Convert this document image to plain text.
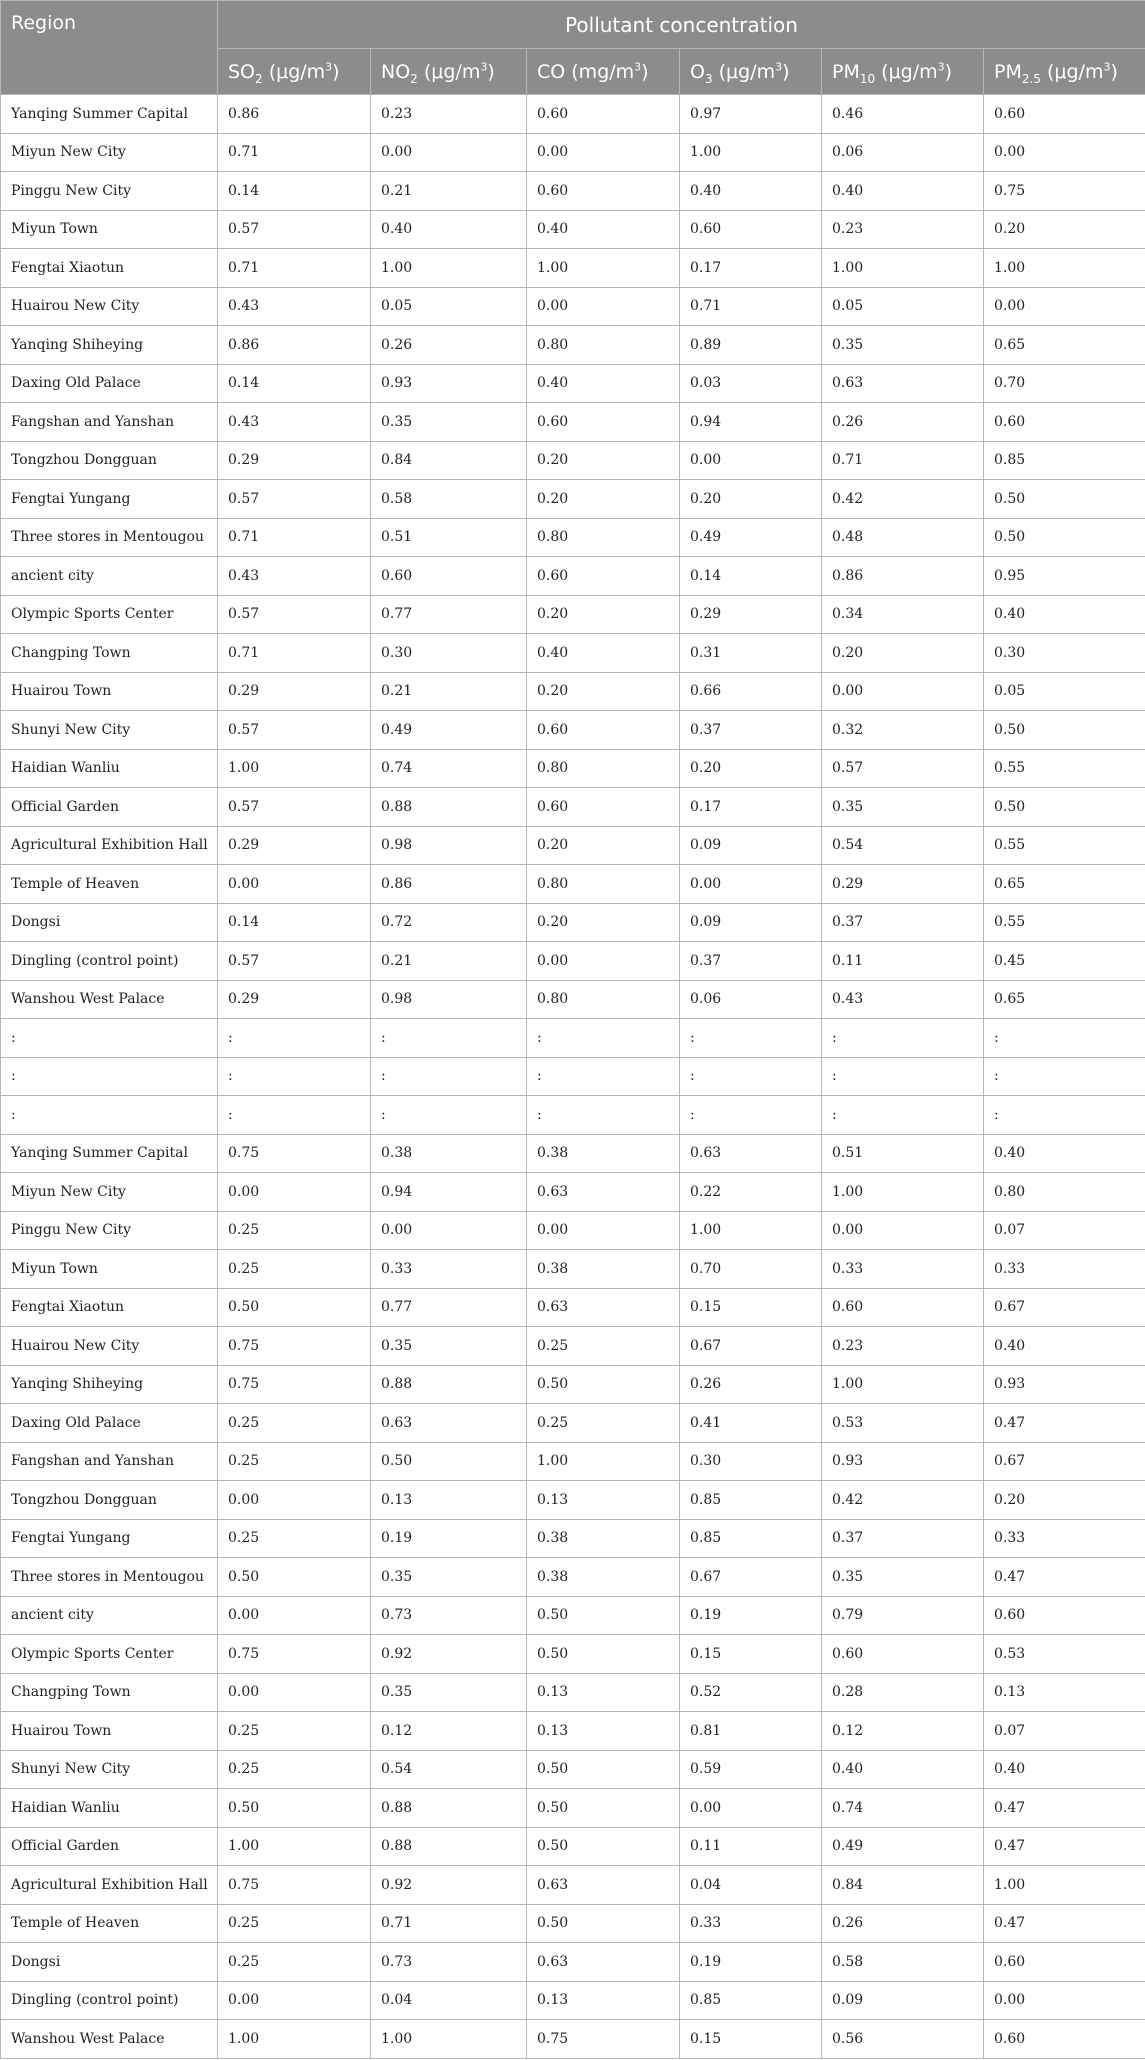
Region	Pollutant concentration					
	$SO_2$ $(\mu g/m^3)$	$NO_2$ $(\mu g/m^3)$	CO $(mg/m^3)$	$O_3$ $(\mu g/m^3)$	$PM_{10}$ $(\mu g/m^3)$	$PM_{2.5}$ $(\mu g/m^3)$
Yanqing Summer Capital	0.86	0.23	0.60	0.97	0.46	0.60
Miyun New City	0.71	0.00	0.00	1.00	0.06	0.00
Pinggu New City	0.14	0.21	0.60	0.40	0.40	0.75
Miyun Town	0.57	0.40	0.40	0.60	0.23	0.20
Fengtai Xiaotun	0.71	1.00	1.00	0.17	1.00	1.00
Huairou New City	0.43	0.05	0.00	0.71	0.05	0.00
Yanqing Shiheying	0.86	0.26	0.80	0.89	0.35	0.65
Daxing Old Palace	0.14	0.93	0.40	0.03	0.63	0.70
Fangshan and Yanshan	0.43	0.35	0.60	0.94	0.26	0.60
Tongzhou Dongguan	0.29	0.84	0.20	0.00	0.71	0.85
Fengtai Yungang	0.57	0.58	0.20	0.20	0.42	0.50
Three stores in Mentougou	0.71	0.51	0.80	0.49	0.48	0.50
ancient city	0.43	0.60	0.60	0.14	0.86	0.95
Olympic Sports Center	0.57	0.77	0.20	0.29	0.34	0.40
Changping Town	0.71	0.30	0.40	0.31	0.20	0.30
Huairou Town	0.29	0.21	0.20	0.66	0.00	0.05
Shunyi New City	0.57	0.49	0.60	0.37	0.32	0.50
Haidian Wanliu	1.00	0.74	0.80	0.20	0.57	0.55
Official Garden	0.57	0.88	0.60	0.17	0.35	0.50
Agricultural Exhibition Hall	0.29	0.98	0.20	0.09	0.54	0.55
Temple of Heaven	0.00	0.86	0.80	0.00	0.29	0.65
Dongsi	0.14	0.72	0.20	0.09	0.37	0.55
Dingling (control point)	0.57	0.21	0.00	0.37	0.11	0.45
Wanshou West Palace	0.29	0.98	0.80	0.06	0.43	0.65
:	:	:	:	:	:	:
:	:	:	:	:	:	:
:	:	:	:	:	:	:
Yanqing Summer Capital	0.75	0.38	0.38	0.63	0.51	0.40
Miyun New City	0.00	0.94	0.63	0.22	1.00	0.80
Pinggu New City	0.25	0.00	0.00	1.00	0.00	0.07
Miyun Town	0.25	0.33	0.38	0.70	0.33	0.33
Fengtai Xiaotun	0.50	0.77	0.63	0.15	0.60	0.67
Huairou New City	0.75	0.35	0.25	0.67	0.23	0.40
Yanqing Shiheying	0.75	0.88	0.50	0.26	1.00	0.93
Daxing Old Palace	0.25	0.63	0.25	0.41	0.53	0.47
Fangshan and Yanshan	0.25	0.50	1.00	0.30	0.93	0.67
Tongzhou Dongguan	0.00	0.13	0.13	0.85	0.42	0.20
Fengtai Yungang	0.25	0.19	0.38	0.85	0.37	0.33
Three stores in Mentougou	0.50	0.35	0.38	0.67	0.35	0.47
ancient city	0.00	0.73	0.50	0.19	0.79	0.60
Olympic Sports Center	0.75	0.92	0.50	0.15	0.60	0.53
Changping Town	0.00	0.35	0.13	0.52	0.28	0.13
Huairou Town	0.25	0.12	0.13	0.81	0.12	0.07
Shunyi New City	0.25	0.54	0.50	0.59	0.40	0.40
Haidian Wanliu	0.50	0.88	0.50	0.00	0.74	0.47
Official Garden	1.00	0.88	0.50	0.11	0.49	0.47
Agricultural Exhibition Hall	0.75	0.92	0.63	0.04	0.84	1.00
Temple of Heaven	0.25	0.71	0.50	0.33	0.26	0.47
Dongsi	0.25	0.73	0.63	0.19	0.58	0.60
Dingling (control point)	0.00	0.04	0.13	0.85	0.09	0.00
Wanshou West Palace	1.00	1.00	0.75	0.15	0.56	0.60
